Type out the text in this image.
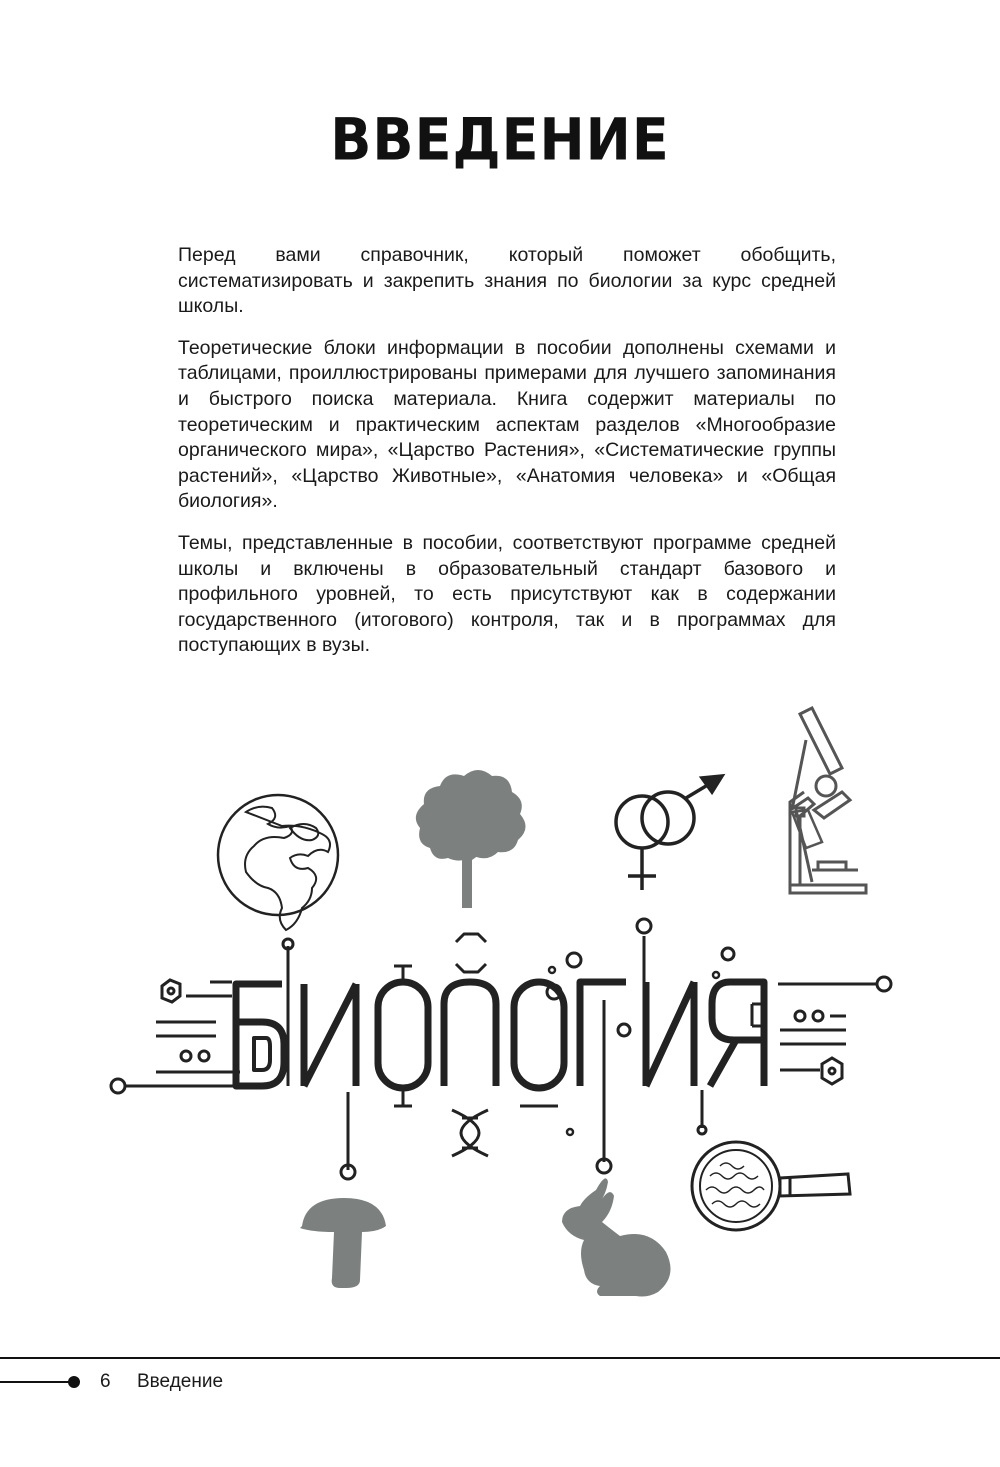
ВВЕДЕНИЕ

Перед вами справочник, который поможет обобщить, систематизировать и закрепить знания по биологии за курс средней школы.

Теоретические блоки информации в пособии дополнены схемами и таблицами, проиллюстрированы примерами для лучшего запоминания и быстрого поиска материала. Книга содержит материалы по теоретическим и практическим аспектам разделов «Многообразие органического мира», «Царство Растения», «Систематические группы растений», «Царство Животные», «Анатомия человека» и «Общая биология».

Темы, представленные в пособии, соответствуют программе средней школы и включены в образовательный стандарт базового и профильного уровней, то есть присутствуют как в содержании государственного (итогового) контроля, так и в программах для поступающих в вузы.

6 Введение
